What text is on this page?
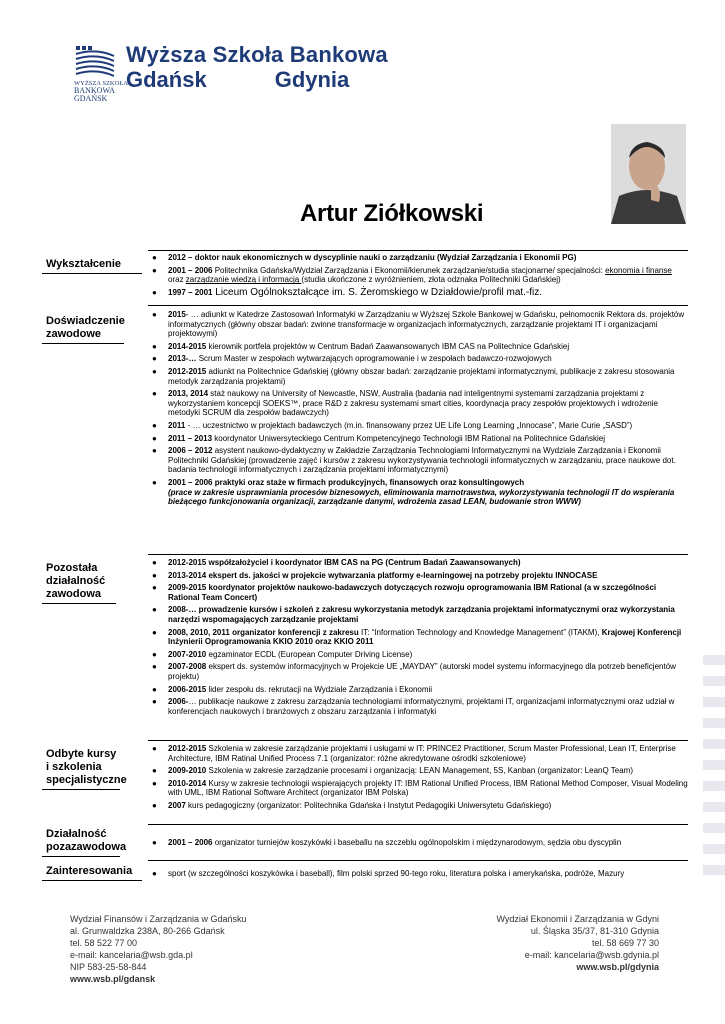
WYŻSZA SZKOŁA
BANKOWA
GDAŃSK
Wyższa Szkoła Bankowa
Gdańsk	Gdynia
Artur Ziółkowski
Wykształcenie
● 2012 – doktor nauk ekonomicznych w dyscyplinie nauki o zarządzaniu (Wydział Zarządzania i Ekonomii PG)
● 2001 – 2006 Politechnika Gdańska/Wydział Zarządzania i Ekonomii/kierunek zarządzanie/studia stacjonarne/ specjalności: ekonomia i finanse oraz zarządzanie wiedzą i informacją (studia ukończone z wyróżnieniem, złota odznaka Politechniki Gdańskiej)
● 1997 – 2001 Liceum Ogólnokształcące im. S. Żeromskiego w Działdowie/profil mat.-fiz.
Doświadczenie zawodowe
● 2015- … adiunkt w Katedrze Zastosowań Informatyki w Zarządzaniu w Wyższej Szkole Bankowej w Gdańsku, pełnomocnik Rektora ds. projektów informatycznych (główny obszar badań: zwinne transformacje w organizacjach informatycznych, zarządzanie projektami IT i organizacjami projektowymi)
● 2014-2015 kierownik portfela projektów w Centrum Badań Zaawansowanych IBM CAS na Politechnice Gdańskiej
● 2013-… Scrum Master w zespołach wytwarzających oprogramowanie i w zespołach badawczo-rozwojowych
● 2012-2015 adiunkt na Politechnice Gdańskiej (główny obszar badań: zarządzanie projektami informatycznymi, publikacje z zakresu stosowania metodyk zarządzania projektami)
● 2013, 2014 staż naukowy na University of Newcastle, NSW, Australia (badania nad inteligentnymi systemami zarządzania projektami z wykorzystaniem koncepcji SOEKS™, prace R&D z zakresu systemami smart cities, koordynacja pracy zespołów projektowych i wdrożenie metodyki SCRUM dla zespołów badawczych)
● 2011 - … uczestnictwo w projektach badawczych (m.in. finansowany przez UE Life Long Learning „Innocase”, Marie Curie „SASD”)
● 2011 – 2013 koordynator Uniwersyteckiego Centrum Kompetencyjnego Technologii IBM Rational na Politechnice Gdańskiej
● 2006 – 2012 asystent naukowo-dydaktyczny w Zakładzie Zarządzania Technologiami Informatycznymi na Wydziale Zarządzania i Ekonomii Politechniki Gdańskiej (prowadzenie zajęć i kursów z zakresu wykorzystywania technologii informatycznych w zarządzaniu, prace naukowe dot. badania technologii informatycznych i zarządzania projektami informatycznymi)
● 2001 – 2006 praktyki oraz staże w firmach produkcyjnych, finansowych oraz konsultingowych
(prace w zakresie usprawniania procesów biznesowych, eliminowania marnotrawstwa, wykorzystywania technologii IT do wspierania bieżącego funkcjonowania organizacji, zarządzanie danymi, wdrożenia zasad LEAN, budowanie stron WWW)
Pozostała działalność zawodowa
● 2012-2015 współzałożyciel i koordynator IBM CAS na PG (Centrum Badań Zaawansowanych)
● 2013-2014 ekspert ds. jakości w projekcie wytwarzania platformy e-learningowej na potrzeby projektu INNOCASE
● 2009-2015 koordynator projektów naukowo-badawczych dotyczących rozwoju oprogramowania IBM Rational (a w szczególności Rational Team Concert)
● 2008-… prowadzenie kursów i szkoleń z zakresu wykorzystania metodyk zarządzania projektami informatycznymi oraz wykorzystania narzędzi wspomagających zarządzanie projektami
● 2008, 2010, 2011 organizator konferencji z zakresu IT: “Information Technology and Knowledge Management” (ITAKM), Krajowej Konferencji Inżynierii Oprogramowania KKIO 2010 oraz KKIO 2011
● 2007-2010 egzaminator ECDL (European Computer Driving License)
● 2007-2008 ekspert ds. systemów informacyjnych w Projekcie UE „MAYDAY” (autorski model systemu informacyjnego dla potrzeb beneficjentów projektu)
● 2006-2015 lider zespołu ds. rekrutacji na Wydziale Zarządzania i Ekonomii
● 2006-… publikacje naukowe z zakresu zarządzania technologiami informatycznymi, projektami IT, organizacjami informatycznymi oraz udział w konferencjach naukowych i branżowych z obszaru zarządzania i informatyki
Odbyte kursy i szkolenia specjalistyczne
● 2012-2015 Szkolenia w zakresie zarządzanie projektami i usługami w IT: PRINCE2 Practitioner, Scrum Master Professional, Lean IT, Enterprise Architecture, IBM Ratinal Unified Process 7.1 (organizator: różne akredytowane ośrodki szkoleniowe)
● 2009-2010 Szkolenia w zakresie zarządzanie procesami i organizacją: LEAN Management, 5S, Kanban (organizator: LeanQ Team)
● 2010-2014 Kursy w zakresie technologii wspierających projekty IT: IBM Rational Unified Process, IBM Rational Method Composer, Visual Modeling with UML, IBM Rational Software Architect (organizator IBM Polska)
● 2007 kurs pedagogiczny (organizator: Politechnika Gdańska i Instytut Pedagogiki Uniwersytetu Gdańskiego)
Działalność pozazawodowa	● 2001 – 2006 organizator turniejów koszykówki i baseballu na szczeblu ogólnopolskim i międzynarodowym, sędzia obu dyscyplin
Zainteresowania	● sport (w szczególności koszykówka i baseball), film polski sprzed 90-tego roku, literatura polska i amerykańska, podróże, Mazury
Wydział Finansów i Zarządzania w Gdańsku
al. Grunwaldzka 238A, 80-266 Gdańsk
tel. 58 522 77 00
e-mail: kancelaria@wsb.gda.pl
NIP 583-25-58-844
www.wsb.pl/gdansk
Wydział Ekonomii i Zarządzania w Gdyni
ul. Śląska 35/37, 81-310 Gdynia
tel. 58 669 77 30
e-mail: kancelaria@wsb.gdynia.pl
www.wsb.pl/gdynia
